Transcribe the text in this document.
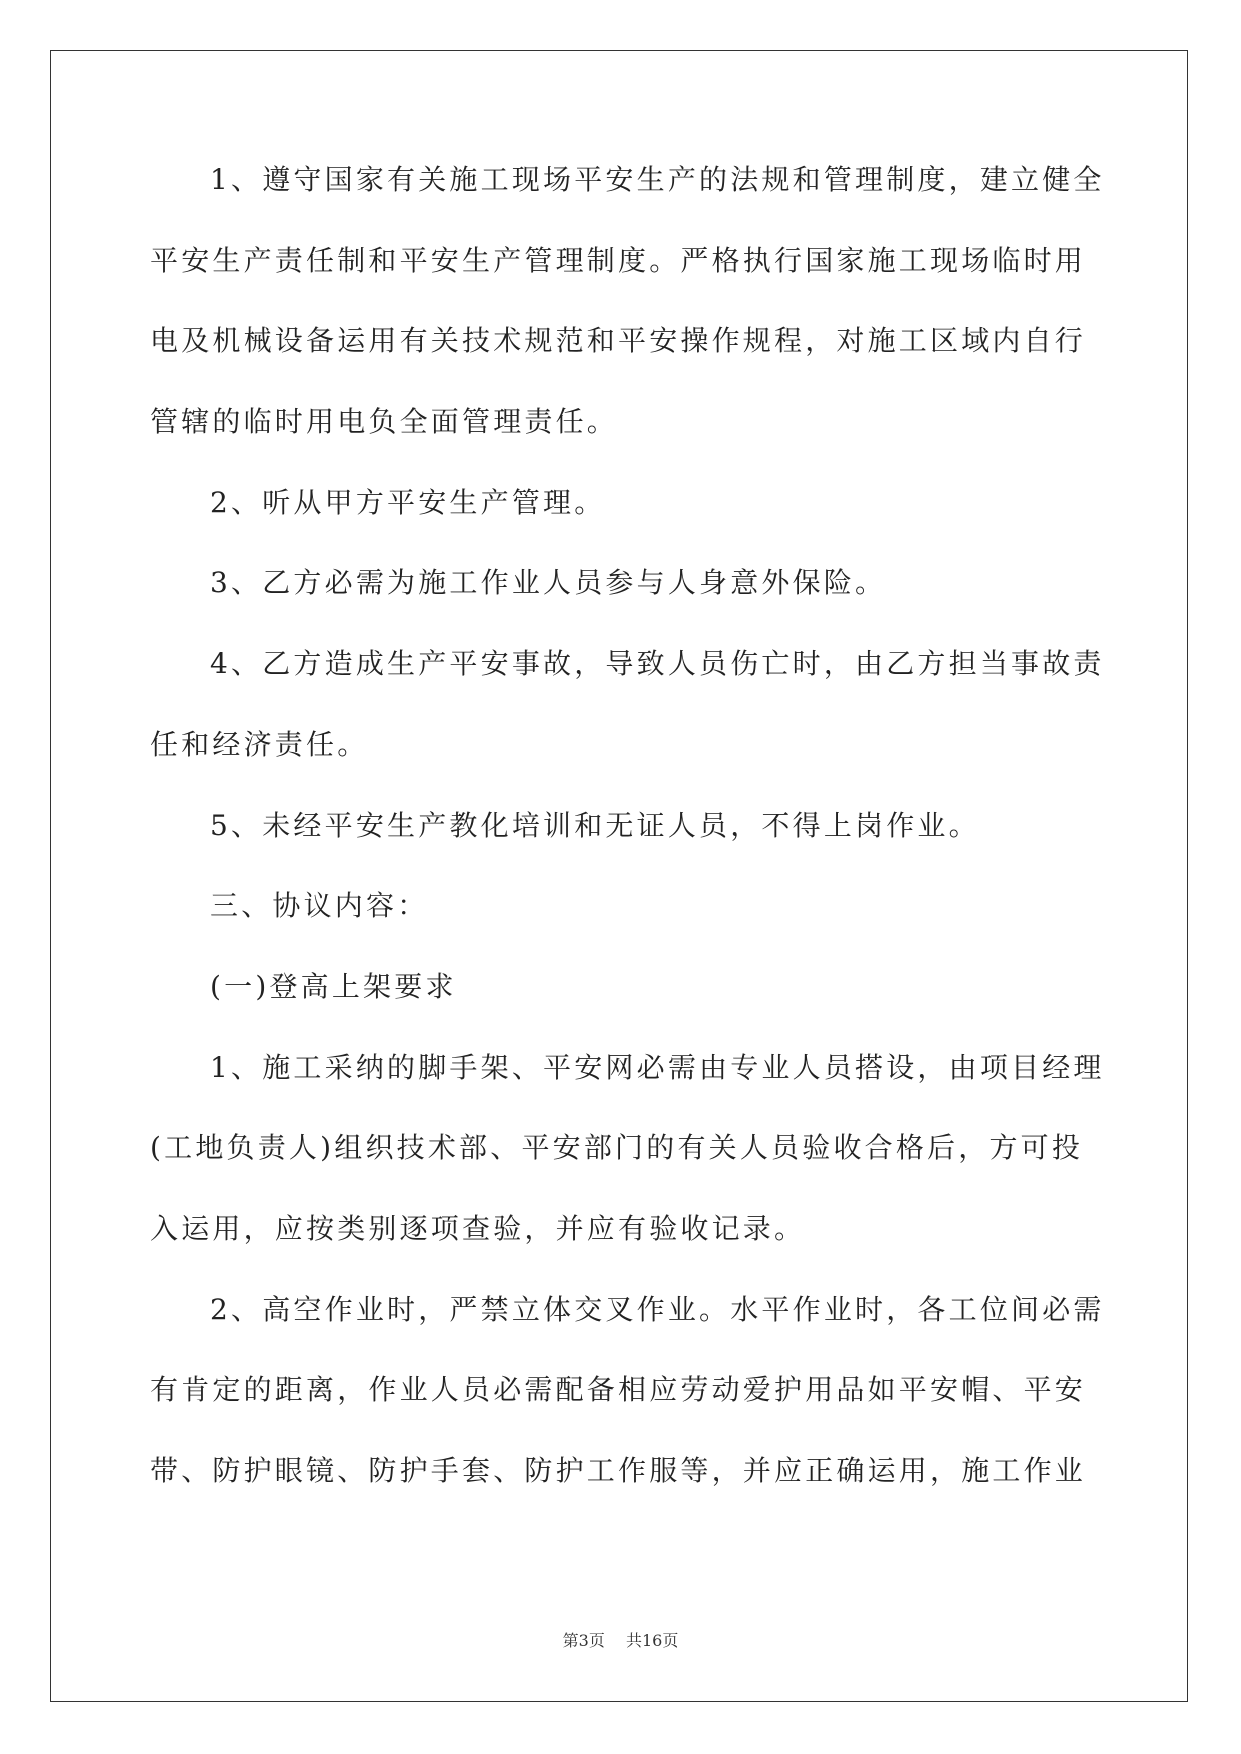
1、遵守国家有关施工现场平安生产的法规和管理制度，建立健全
平安生产责任制和平安生产管理制度。严格执行国家施工现场临时用
电及机械设备运用有关技术规范和平安操作规程，对施工区域内自行
管辖的临时用电负全面管理责任。
2、听从甲方平安生产管理。
3、乙方必需为施工作业人员参与人身意外保险。
4、乙方造成生产平安事故，导致人员伤亡时，由乙方担当事故责
任和经济责任。
5、未经平安生产教化培训和无证人员，不得上岗作业。
三、协议内容：
(一)登高上架要求
1、施工采纳的脚手架、平安网必需由专业人员搭设，由项目经理
(工地负责人)组织技术部、平安部门的有关人员验收合格后，方可投
入运用，应按类别逐项查验，并应有验收记录。
2、高空作业时，严禁立体交叉作业。水平作业时，各工位间必需
有肯定的距离，作业人员必需配备相应劳动爱护用品如平安帽、平安
带、防护眼镜、防护手套、防护工作服等，并应正确运用，施工作业
第3页 共16页
